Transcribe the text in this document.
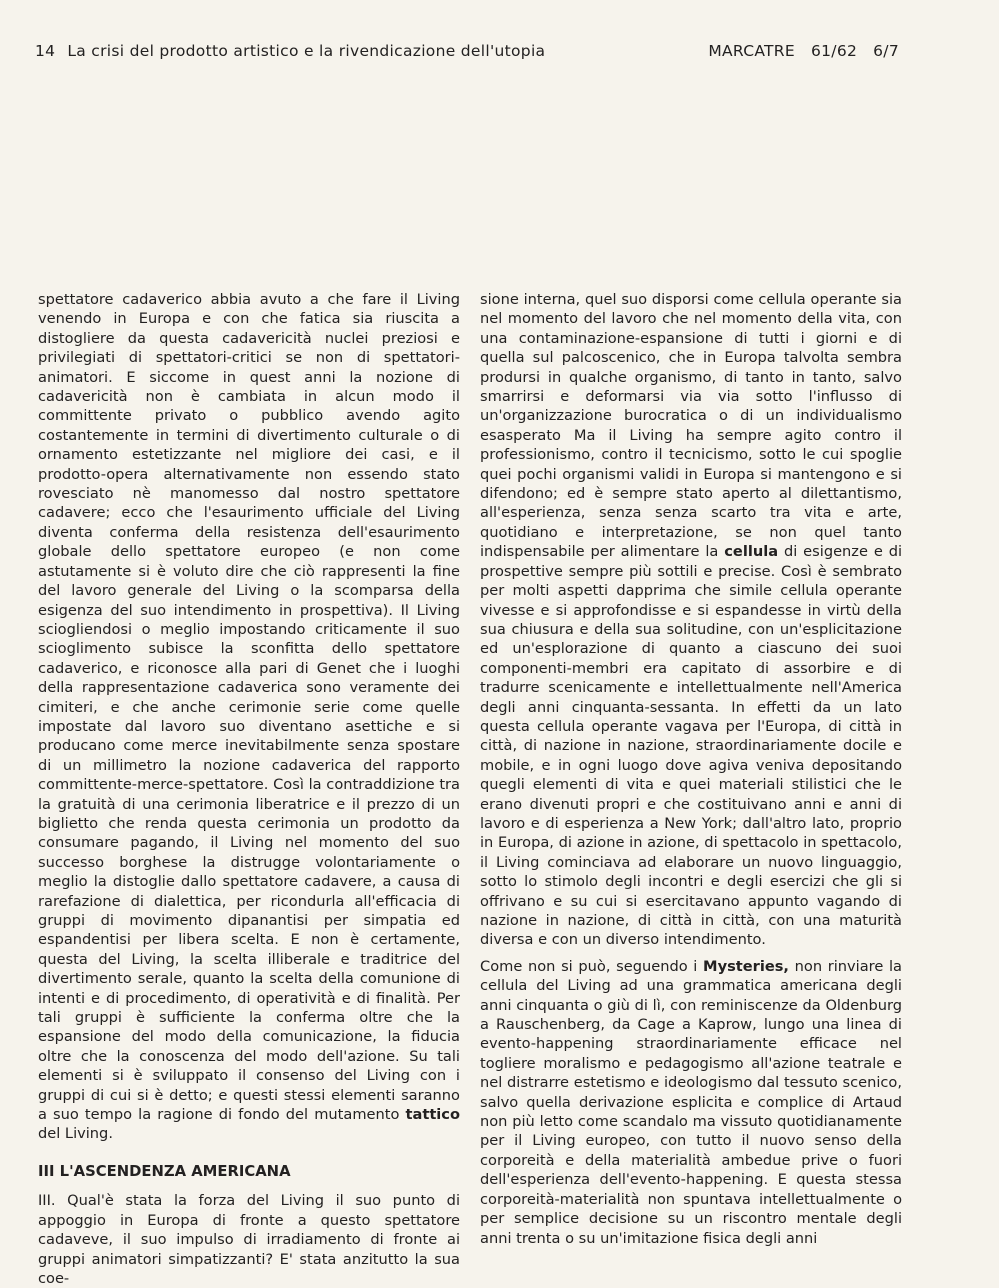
14 La crisi del prodotto artistico e la rivendicazione dell'utopia	MARCATRE 61/62 6/7

spettatore cadaverico abbia avuto a che fare il Living venendo in Europa e con che fatica sia riuscita a distogliere da questa cadavericità nuclei preziosi e privilegiati di spettatori-critici se non di spettatori-animatori. E siccome in quest anni la nozione di cadavericità non è cambiata in alcun modo il committente privato o pubblico avendo agito costantemente in termini di divertimento culturale o di ornamento estetizzante nel migliore dei casi, e il prodotto-opera alternativamente non essendo stato rovesciato nè manomesso dal nostro spettatore cadavere; ecco che l'esaurimento ufficiale del Living diventa conferma della resistenza dell'esaurimento globale dello spettatore europeo (e non come astutamente si è voluto dire che ciò rappresenti la fine del lavoro generale del Living o la scomparsa della esigenza del suo intendimento in prospettiva). Il Living sciogliendosi o meglio impostando criticamente il suo scioglimento subisce la sconfitta dello spettatore cadaverico, e riconosce alla pari di Genet che i luoghi della rappresentazione cadaverica sono veramente dei cimiteri, e che anche cerimonie serie come quelle impostate dal lavoro suo diventano asettiche e si producano come merce inevitabilmente senza spostare di un millimetro la nozione cadaverica del rapporto committente-merce-spettatore. Così la contraddizione tra la gratuità di una cerimonia liberatrice e il prezzo di un biglietto che renda questa cerimonia un prodotto da consumare pagando, il Living nel momento del suo successo borghese la distrugge volontariamente o meglio la distoglie dallo spettatore cadavere, a causa di rarefazione di dialettica, per ricondurla all'efficacia di gruppi di movimento dipanantisi per simpatia ed espandentisi per libera scelta. E non è certamente, questa del Living, la scelta illiberale e traditrice del divertimento serale, quanto la scelta della comunione di intenti e di procedimento, di operatività e di finalità. Per tali gruppi è sufficiente la conferma oltre che la espansione del modo della comunicazione, la fiducia oltre che la conoscenza del modo dell'azione. Su tali elementi si è sviluppato il consenso del Living con i gruppi di cui si è detto; e questi stessi elementi saranno a suo tempo la ragione di fondo del mutamento tattico del Living.

III L'ASCENDENZA AMERICANA

III. Qual'è stata la forza del Living il suo punto di appoggio in Europa di fronte a questo spettatore cadaveve, il suo impulso di irradiamento di fronte ai gruppi animatori simpatizzanti? E' stata anzitutto la sua coe-

sione interna, quel suo disporsi come cellula operante sia nel momento del lavoro che nel momento della vita, con una contaminazione-espansione di tutti i giorni e di quella sul palcoscenico, che in Europa talvolta sembra prodursi in qualche organismo, di tanto in tanto, salvo smarrirsi e deformarsi via via sotto l'influsso di un'organizzazione burocratica o di un individualismo esasperato Ma il Living ha sempre agito contro il professionismo, contro il tecnicismo, sotto le cui spoglie quei pochi organismi validi in Europa si mantengono e si difendono; ed è sempre stato aperto al dilettantismo, all'esperienza, senza senza scarto tra vita e arte, quotidiano e interpretazione, se non quel tanto indispensabile per alimentare la cellula di esigenze e di prospettive sempre più sottili e precise. Così è sembrato per molti aspetti dapprima che simile cellula operante vivesse e si approfondisse e si espandesse in virtù della sua chiusura e della sua solitudine, con un'esplicitazione ed un'esplorazione di quanto a ciascuno dei suoi componenti-membri era capitato di assorbire e di tradurre scenicamente e intellettualmente nell'America degli anni cinquanta-sessanta. In effetti da un lato questa cellula operante vagava per l'Europa, di città in città, di nazione in nazione, straordinariamente docile e mobile, e in ogni luogo dove agiva veniva depositando quegli elementi di vita e quei materiali stilistici che le erano divenuti propri e che costituivano anni e anni di lavoro e di esperienza a New York; dall'altro lato, proprio in Europa, di azione in azione, di spettacolo in spettacolo, il Living cominciava ad elaborare un nuovo linguaggio, sotto lo stimolo degli incontri e degli esercizi che gli si offrivano e su cui si esercitavano appunto vagando di nazione in nazione, di città in città, con una maturità diversa e con un diverso intendimento.

Come non si può, seguendo i Mysteries, non rinviare la cellula del Living ad una grammatica americana degli anni cinquanta o giù di lì, con reminiscenze da Oldenburg a Rauschenberg, da Cage a Kaprow, lungo una linea di evento-happening straordinariamente efficace nel togliere moralismo e pedagogismo all'azione teatrale e nel distrarre estetismo e ideologismo dal tessuto scenico, salvo quella derivazione esplicita e complice di Artaud non più letto come scandalo ma vissuto quotidianamente per il Living europeo, con tutto il nuovo senso della corporeità e della materialità ambedue prive o fuori dell'esperienza dell'evento-happening. E questa stessa corporeità-materialità non spuntava intellettualmente o per semplice decisione su un riscontro mentale degli anni trenta o su un'imitazione fisica degli anni
